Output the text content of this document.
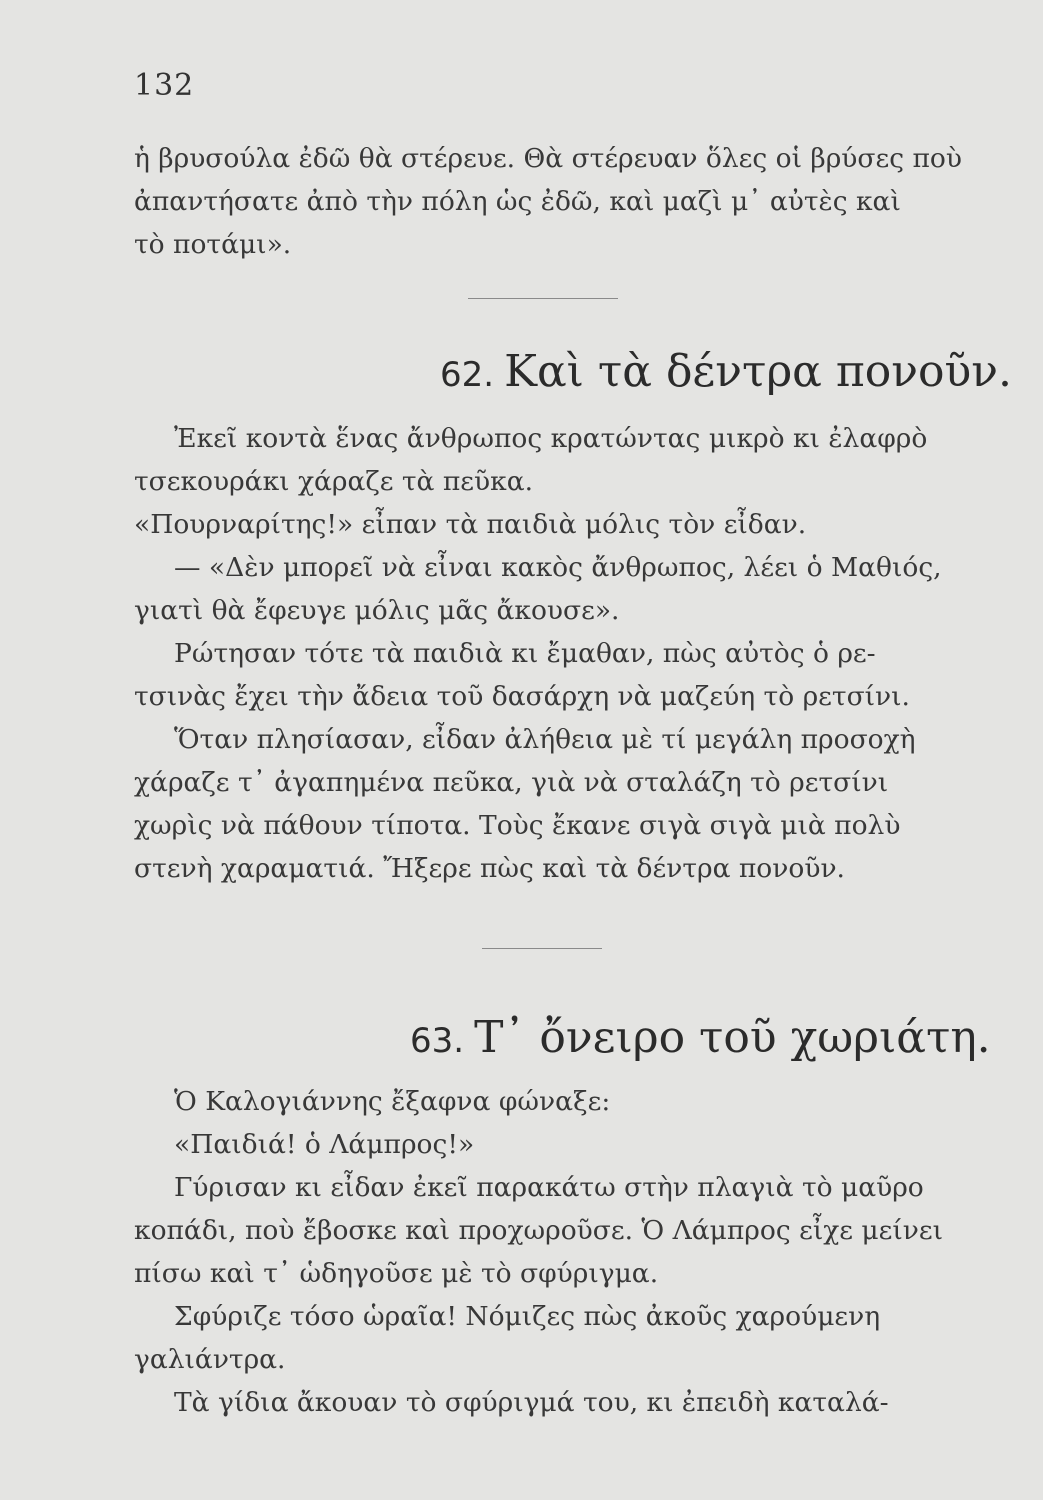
132
ἡ βρυσούλα ἐδῶ θὰ στέρευε. Θὰ στέρευαν ὅλες οἱ βρύσες ποὺ
ἀπαντήσατε ἀπὸ τὴν πόλη ὡς ἐδῶ, καὶ μαζὶ μ᾽ αὐτὲς καὶ
τὸ ποτάμι».
62. Καὶ τὰ δέντρα πονοῦν.
Ἐκεῖ κοντὰ ἕνας ἄνθρωπος κρατώντας μικρὸ κι ἐλαφρὸ
τσεκουράκι χάραζε τὰ πεῦκα.
«Πουρναρίτης!» εἶπαν τὰ παιδιὰ μόλις τὸν εἶδαν.
— «Δὲν μπορεῖ νὰ εἶναι κακὸς ἄνθρωπος, λέει ὁ Μαθιός,
γιατὶ θὰ ἔφευγε μόλις μᾶς ἄκουσε».
Ρώτησαν τότε τὰ παιδιὰ κι ἔμαθαν, πὼς αὐτὸς ὁ ρε-
τσινὰς ἔχει τὴν ἄδεια τοῦ δασάρχη νὰ μαζεύη τὸ ρετσίνι.
Ὅταν πλησίασαν, εἶδαν ἀλήθεια μὲ τί μεγάλη προσοχὴ
χάραζε τ᾽ ἀγαπημένα πεῦκα, γιὰ νὰ σταλάζη τὸ ρετσίνι
χωρὶς νὰ πάθουν τίποτα. Τοὺς ἔκανε σιγὰ σιγὰ μιὰ πολὺ
στενὴ χαραματιά. Ἤξερε πὼς καὶ τὰ δέντρα πονοῦν.
63. Τ᾽ ὄνειρο τοῦ χωριάτη.
Ὁ Καλογιάννης ἔξαφνα φώναξε:
«Παιδιά! ὁ Λάμπρος!»
Γύρισαν κι εἶδαν ἐκεῖ παρακάτω στὴν πλαγιὰ τὸ μαῦρο
κοπάδι, ποὺ ἔβοσκε καὶ προχωροῦσε. Ὁ Λάμπρος εἶχε μείνει
πίσω καὶ τ᾽ ὡδηγοῦσε μὲ τὸ σφύριγμα.
Σφύριζε τόσο ὡραῖα! Νόμιζες πὼς ἀκοῦς χαρούμενη
γαλιάντρα.
Τὰ γίδια ἄκουαν τὸ σφύριγμά του, κι ἐπειδὴ καταλά-
